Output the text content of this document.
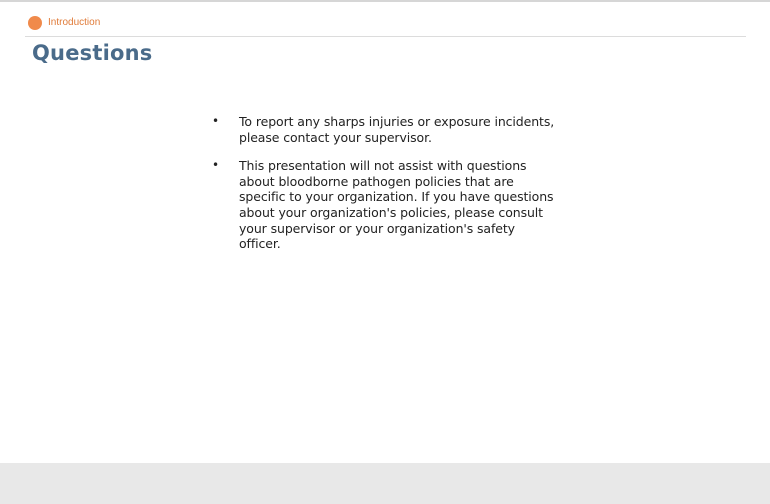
Introduction
Questions
• To report any sharps injuries or exposure incidents, please contact your supervisor.
• This presentation will not assist with questions about bloodborne pathogen policies that are specific to your organization. If you have questions about your organization's policies, please consult your supervisor or your organization's safety officer.
